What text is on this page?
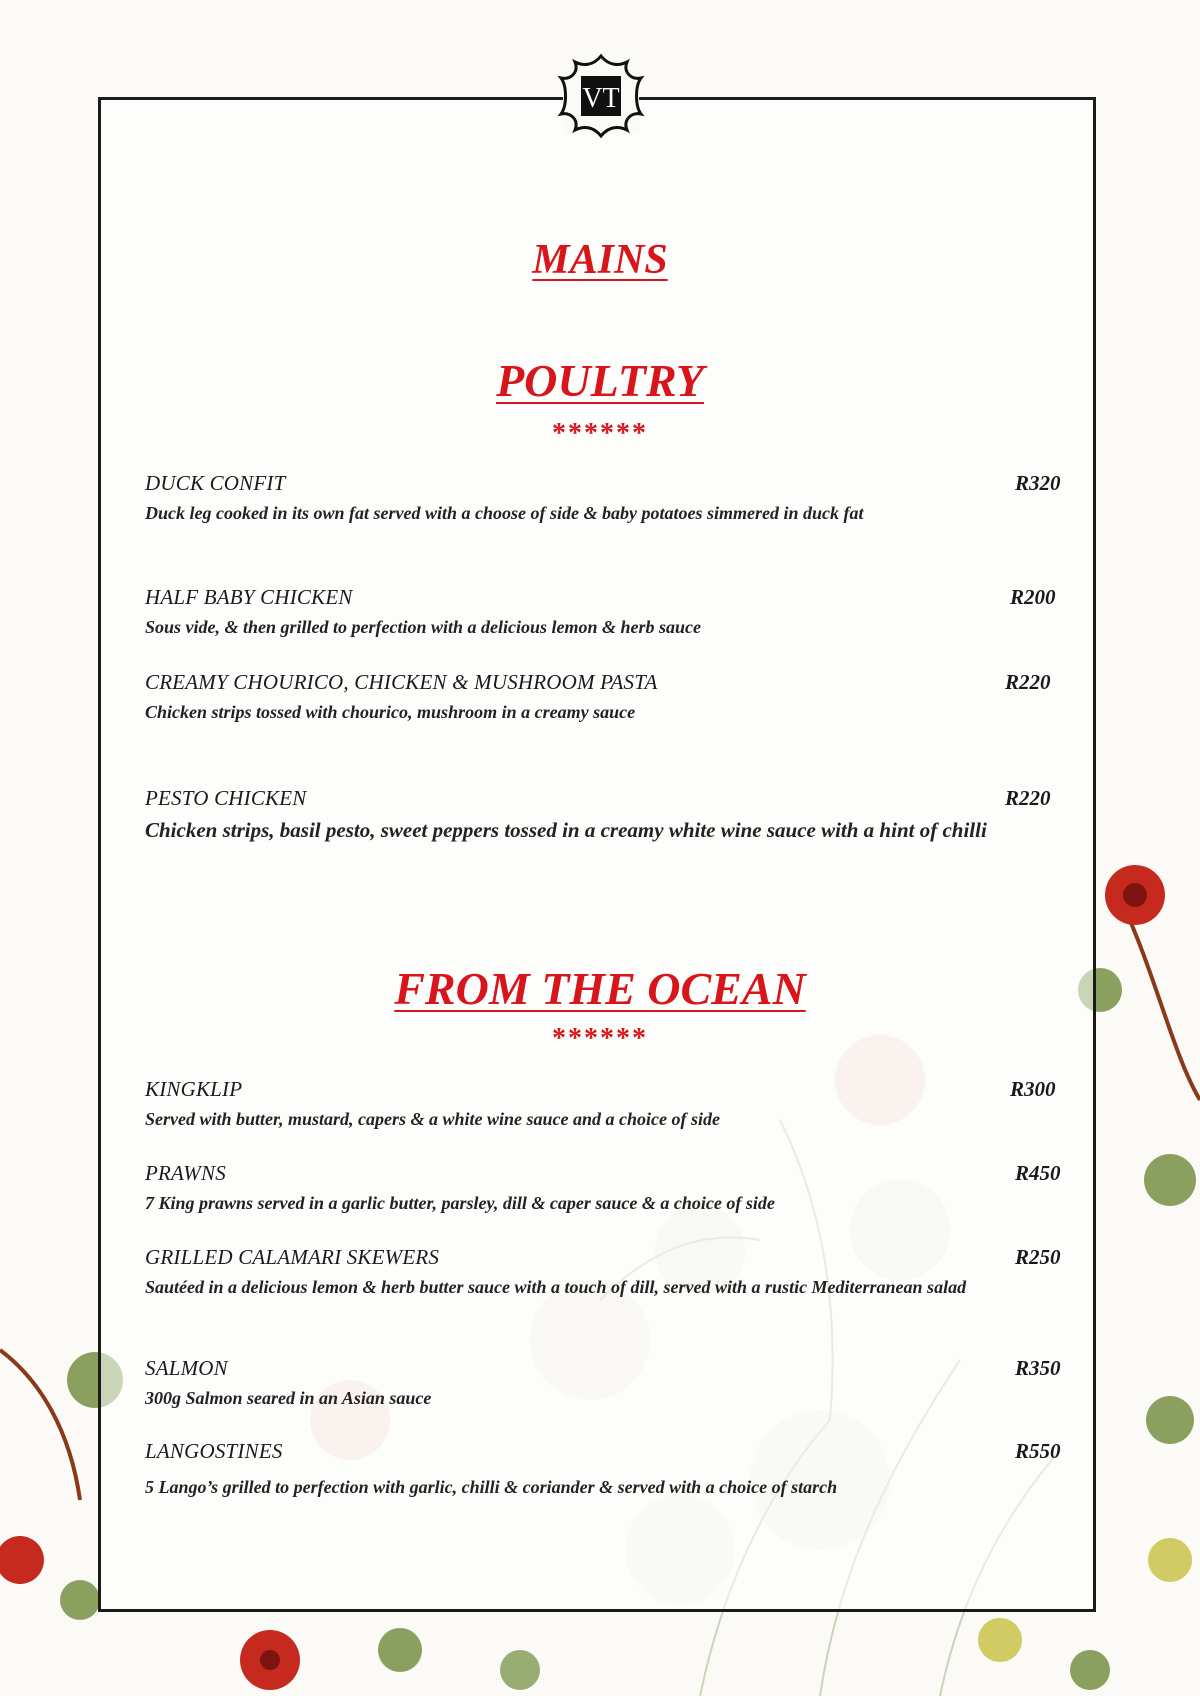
VT
MAINS
POULTRY
******
DUCK CONFIT	R320
Duck leg cooked in its own fat served with a choose of side & baby potatoes simmered in duck fat
HALF BABY CHICKEN	R200
Sous vide, & then grilled to perfection with a delicious lemon & herb sauce
CREAMY CHOURICO, CHICKEN & MUSHROOM PASTA	R220
Chicken strips tossed with chourico, mushroom in a creamy sauce
PESTO CHICKEN	R220
Chicken strips, basil pesto, sweet peppers tossed in a creamy white wine sauce with a hint of chilli
FROM THE OCEAN
******
KINGKLIP	R300
Served with butter, mustard, capers & a white wine sauce and a choice of side
PRAWNS	R450
7 King prawns served in a garlic butter, parsley, dill & caper sauce & a choice of side
GRILLED CALAMARI SKEWERS	R250
Sautéed in a delicious lemon & herb butter sauce with a touch of dill, served with a rustic Mediterranean salad
SALMON	R350
300g Salmon seared in an Asian sauce
LANGOSTINES	R550
5 Lango’s grilled to perfection with garlic, chilli & coriander & served with a choice of starch
